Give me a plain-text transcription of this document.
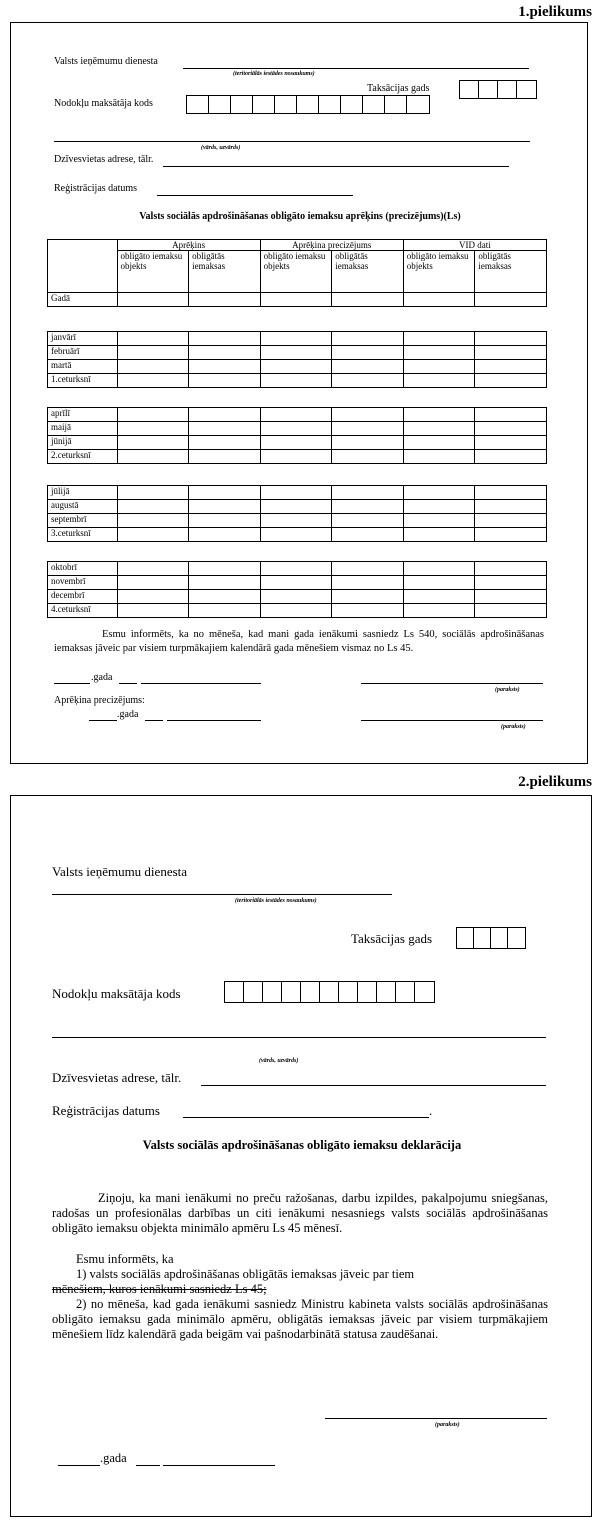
1.pielikums
Valsts ieņēmumu dienesta
(teritoriālās iestādes nosaukums)
Taksācijas gads
Nodokļu maksātāja kods
(vārds, uzvārds)
Dzīvesvietas adrese, tālr.
Reģistrācijas datums
Valsts sociālās apdrošināšanas obligāto iemaksu aprēķins (precizējums)(Ls)
	Aprēķins		Aprēķina precizējums		VID dati	
	obligāto iemaksu objekts	obligātās iemaksas	obligāto iemaksu objekts	obligātās iemaksas	obligāto iemaksu objekts	obligātās iemaksas
Gadā						
janvārī						
februārī						
martā						
1.ceturksnī						
aprīlī						
maijā						
jūnijā						
2.ceturksnī						
jūlijā						
augustā						
septembrī						
3.ceturksnī						
oktobrī						
novembrī						
decembrī						
4.ceturksnī						
Esmu informēts, ka no mēneša, kad mani gada ienākumi sasniedz Ls 540, sociālās apdrošināšanas iemaksas jāveic par visiem turpmākajiem kalendārā gada mēnešiem vismaz no Ls 45.
.gada
(paraksts)
Aprēķina precizējums:
.gada
(paraksts)
2.pielikums
Valsts ieņēmumu dienesta
(teritoriālās iestādes nosaukums)
Taksācijas gads
Nodokļu maksātāja kods
(vārds, uzvārds)
Dzīvesvietas adrese, tālr.
Reģistrācijas datums	.
Valsts sociālās apdrošināšanas obligāto iemaksu deklarācija
Ziņoju, ka mani ienākumi no preču ražošanas, darbu izpildes, pakalpojumu sniegšanas, radošas un profesionālas darbības un citi ienākumi nesasniegs valsts sociālās apdrošināšanas obligāto iemaksu objekta minimālo apmēru Ls 45 mēnesī.
Esmu informēts, ka
1) valsts sociālās apdrošināšanas obligātās iemaksas jāveic par tiem
mēnešiem, kuros ienākumi sasniedz Ls 45;
2) no mēneša, kad gada ienākumi sasniedz Ministru kabineta valsts sociālās apdrošināšanas obligāto iemaksu gada minimālo apmēru, obligātās iemaksas jāveic par visiem turpmākajiem mēnešiem līdz kalendārā gada beigām vai pašnodarbinātā statusa zaudēšanai.
(paraksts)
.gada
